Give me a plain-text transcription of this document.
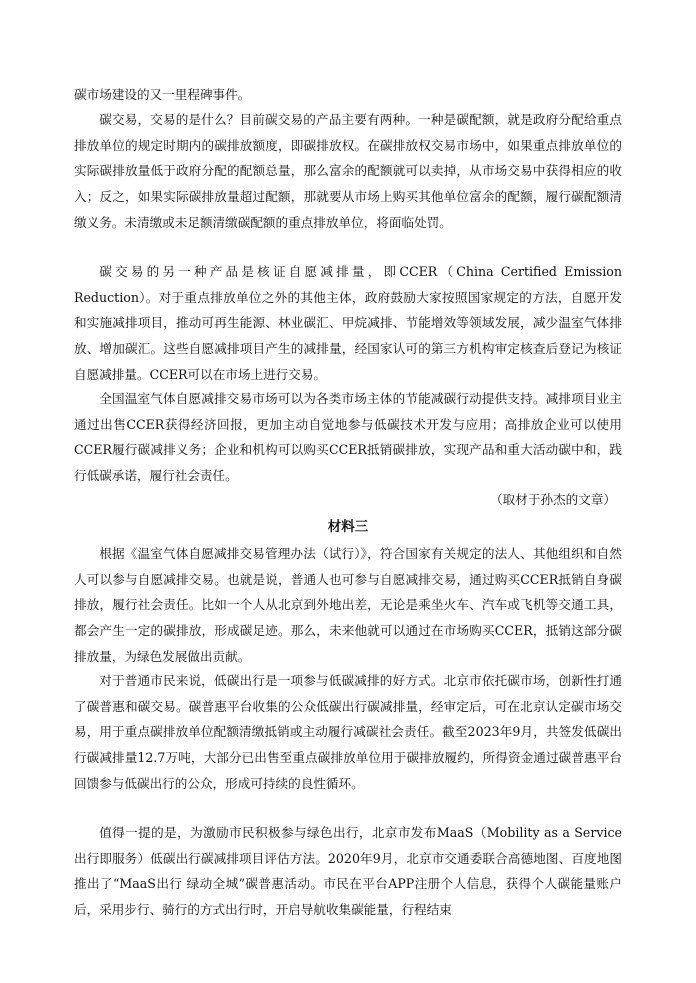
碳市场建设的又一里程碑事件。

碳交易，交易的是什么？目前碳交易的产品主要有两种。一种是碳配额，就是政府分配给重点排放单位的规定时期内的碳排放额度，即碳排放权。在碳排放权交易市场中，如果重点排放单位的实际碳排放量低于政府分配的配额总量，那么富余的配额就可以卖掉，从市场交易中获得相应的收入；反之，如果实际碳排放量超过配额，那就要从市场上购买其他单位富余的配额，履行碳配额清缴义务。未清缴或未足额清缴碳配额的重点排放单位，将面临处罚。

碳交易的另一种产品是核证自愿减排量，即CCER（China Certified Emission Reduction）。对于重点排放单位之外的其他主体，政府鼓励大家按照国家规定的方法，自愿开发和实施减排项目，推动可再生能源、林业碳汇、甲烷减排、节能增效等领域发展，减少温室气体排放、增加碳汇。这些自愿减排项目产生的减排量，经国家认可的第三方机构审定核查后登记为核证自愿减排量。CCER可以在市场上进行交易。

全国温室气体自愿减排交易市场可以为各类市场主体的节能减碳行动提供支持。减排项目业主通过出售CCER获得经济回报，更加主动自觉地参与低碳技术开发与应用；高排放企业可以使用CCER履行碳减排义务；企业和机构可以购买CCER抵销碳排放，实现产品和重大活动碳中和，践行低碳承诺，履行社会责任。

（取材于孙杰的文章）
材料三

根据《温室气体自愿减排交易管理办法（试行）》，符合国家有关规定的法人、其他组织和自然人可以参与自愿减排交易。也就是说，普通人也可参与自愿减排交易，通过购买CCER抵销自身碳排放，履行社会责任。比如一个人从北京到外地出差，无论是乘坐火车、汽车或飞机等交通工具，都会产生一定的碳排放，形成碳足迹。那么，未来他就可以通过在市场购买CCER，抵销这部分碳排放量，为绿色发展做出贡献。

对于普通市民来说，低碳出行是一项参与低碳减排的好方式。北京市依托碳市场，创新性打通了碳普惠和碳交易。碳普惠平台收集的公众低碳出行碳减排量，经审定后，可在北京认定碳市场交易，用于重点碳排放单位配额清缴抵销或主动履行减碳社会责任。截至2023年9月，共签发低碳出行碳减排量12.7万吨，大部分已出售至重点碳排放单位用于碳排放履约，所得资金通过碳普惠平台回馈参与低碳出行的公众，形成可持续的良性循环。

值得一提的是，为激励市民积极参与绿色出行，北京市发布MaaS（Mobility as a Service出行即服务）低碳出行碳减排项目评估方法。2020年9月，北京市交通委联合高德地图、百度地图推出了“MaaS出行 绿动全城”碳普惠活动。市民在平台APP注册个人信息，获得个人碳能量账户后，采用步行、骑行的方式出行时，开启导航收集碳能量，行程结束
